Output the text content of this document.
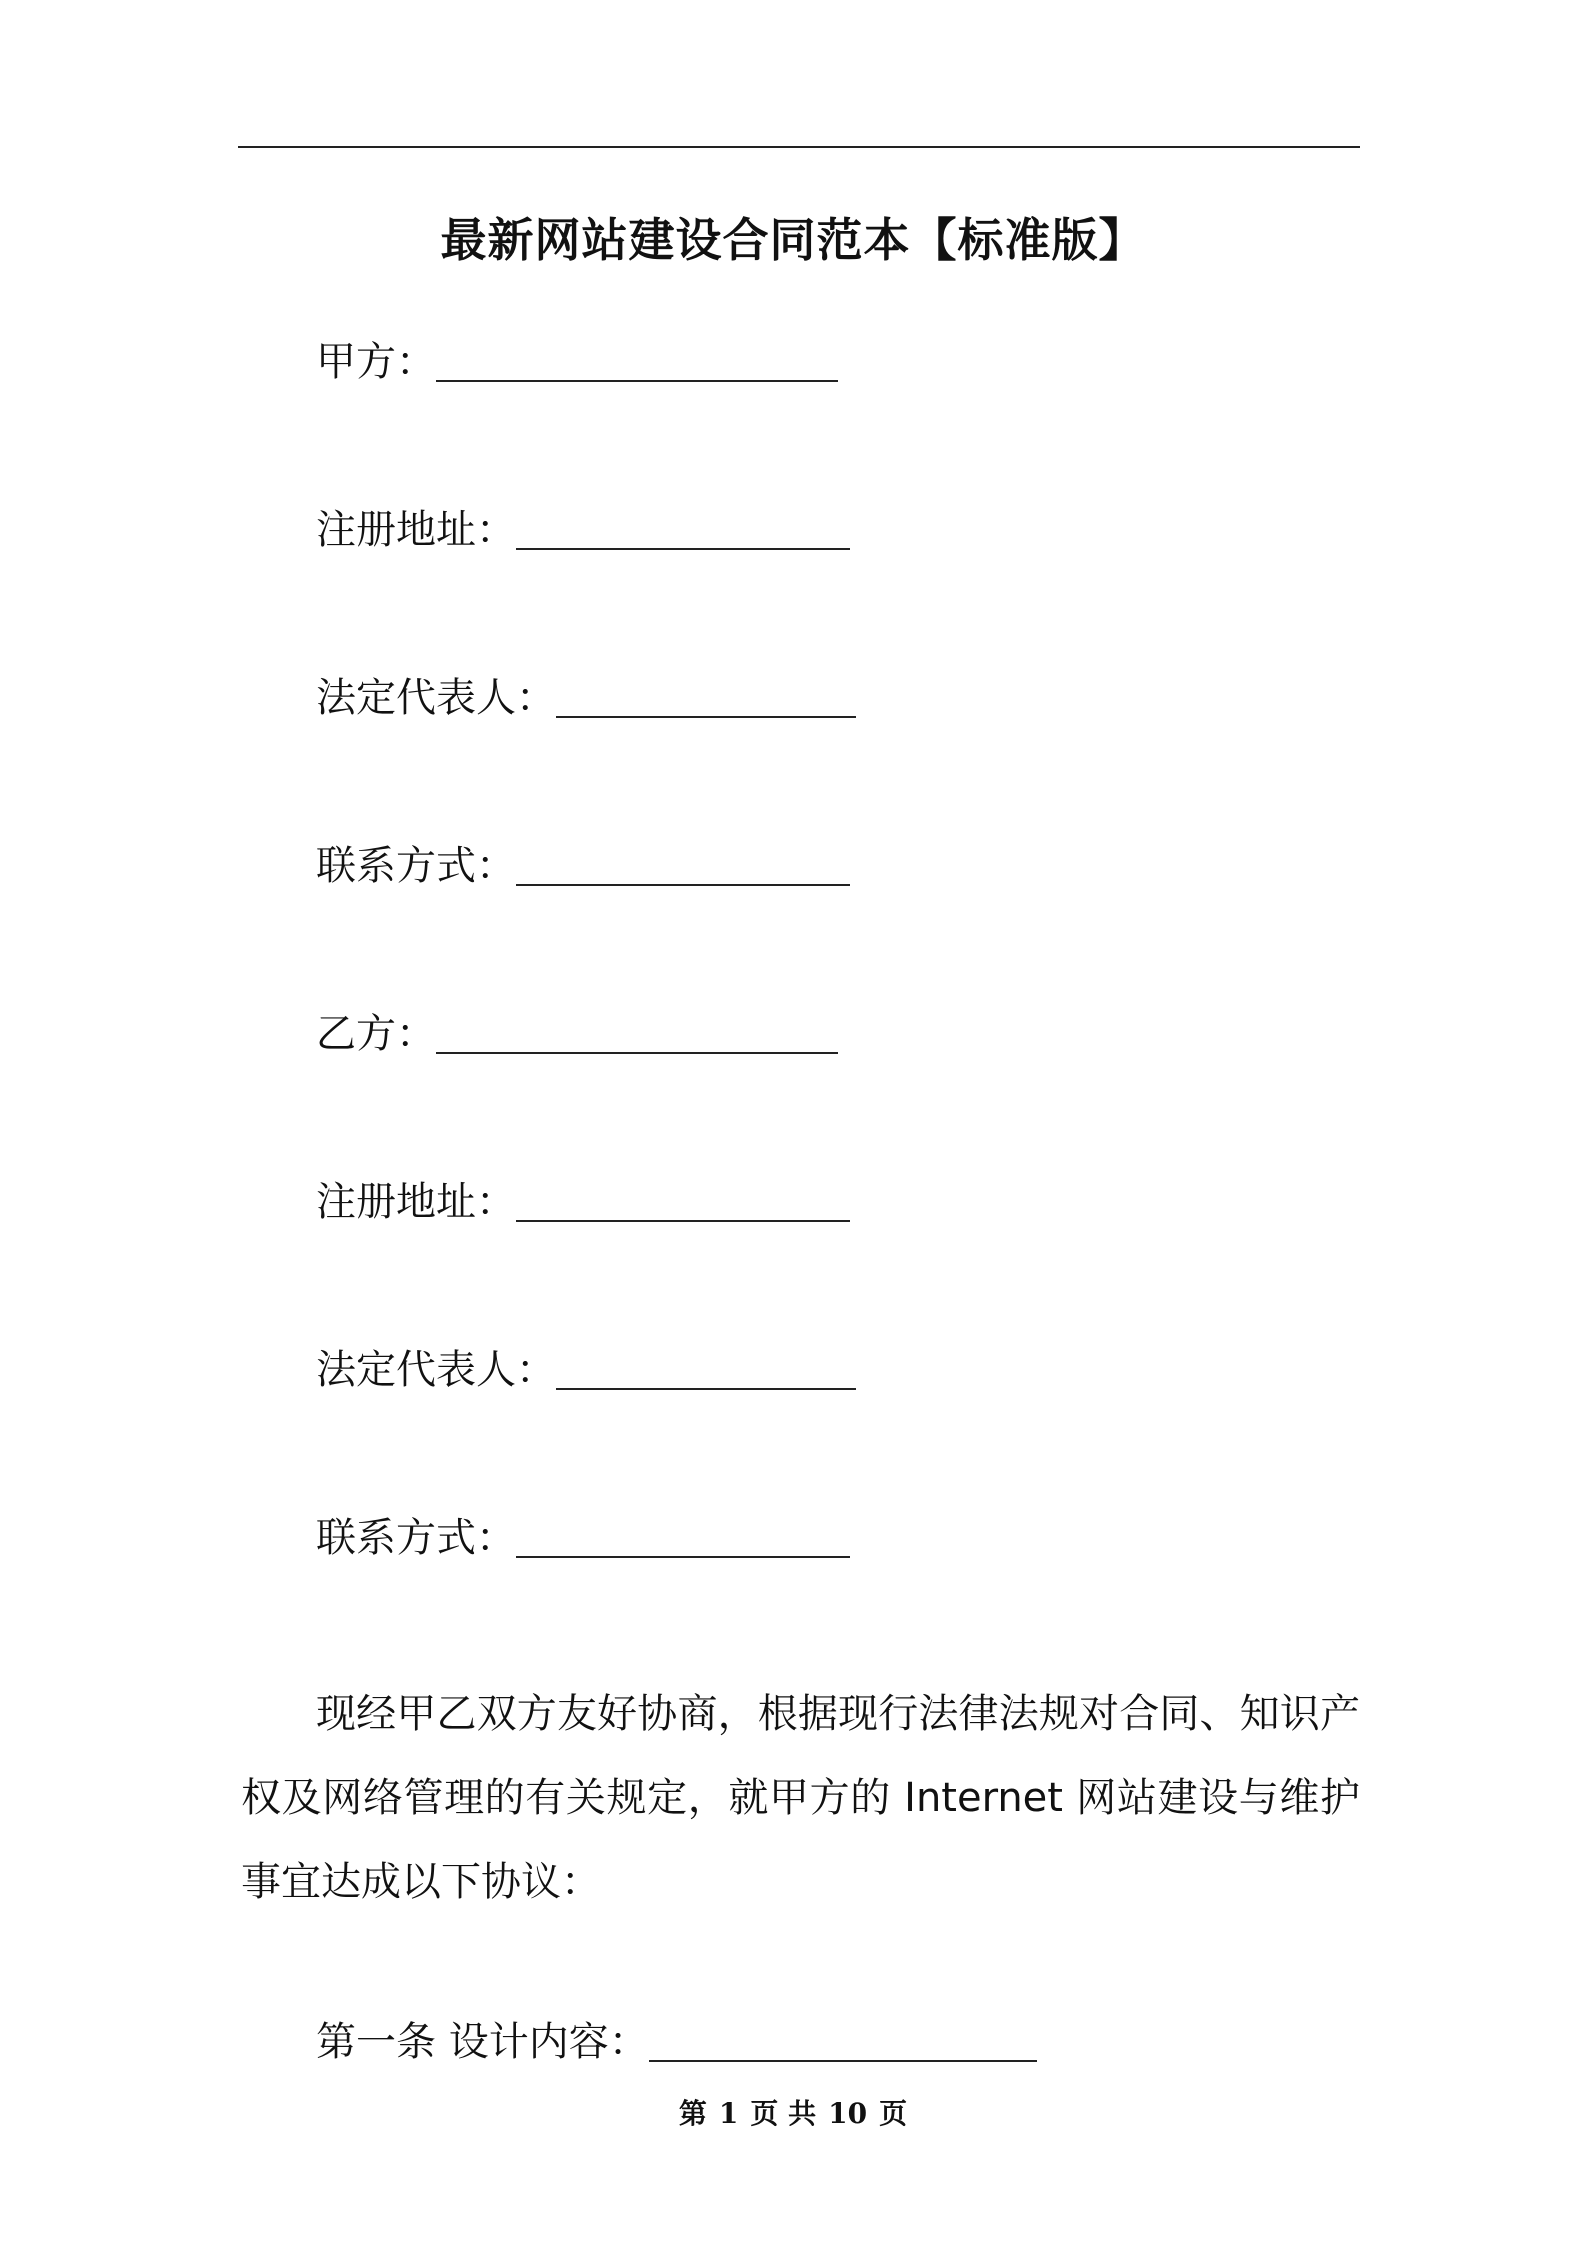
最新网站建设合同范本【标准版】
甲方：
注册地址：
法定代表人：
联系方式：
乙方：
注册地址：
法定代表人：
联系方式：
现经甲乙双方友好协商，根据现行法律法规对合同、知识产权及网络管理的有关规定，就甲方的 Internet 网站建设与维护事宜达成以下协议：
第一条 设计内容：
第 1 页 共 10 页
